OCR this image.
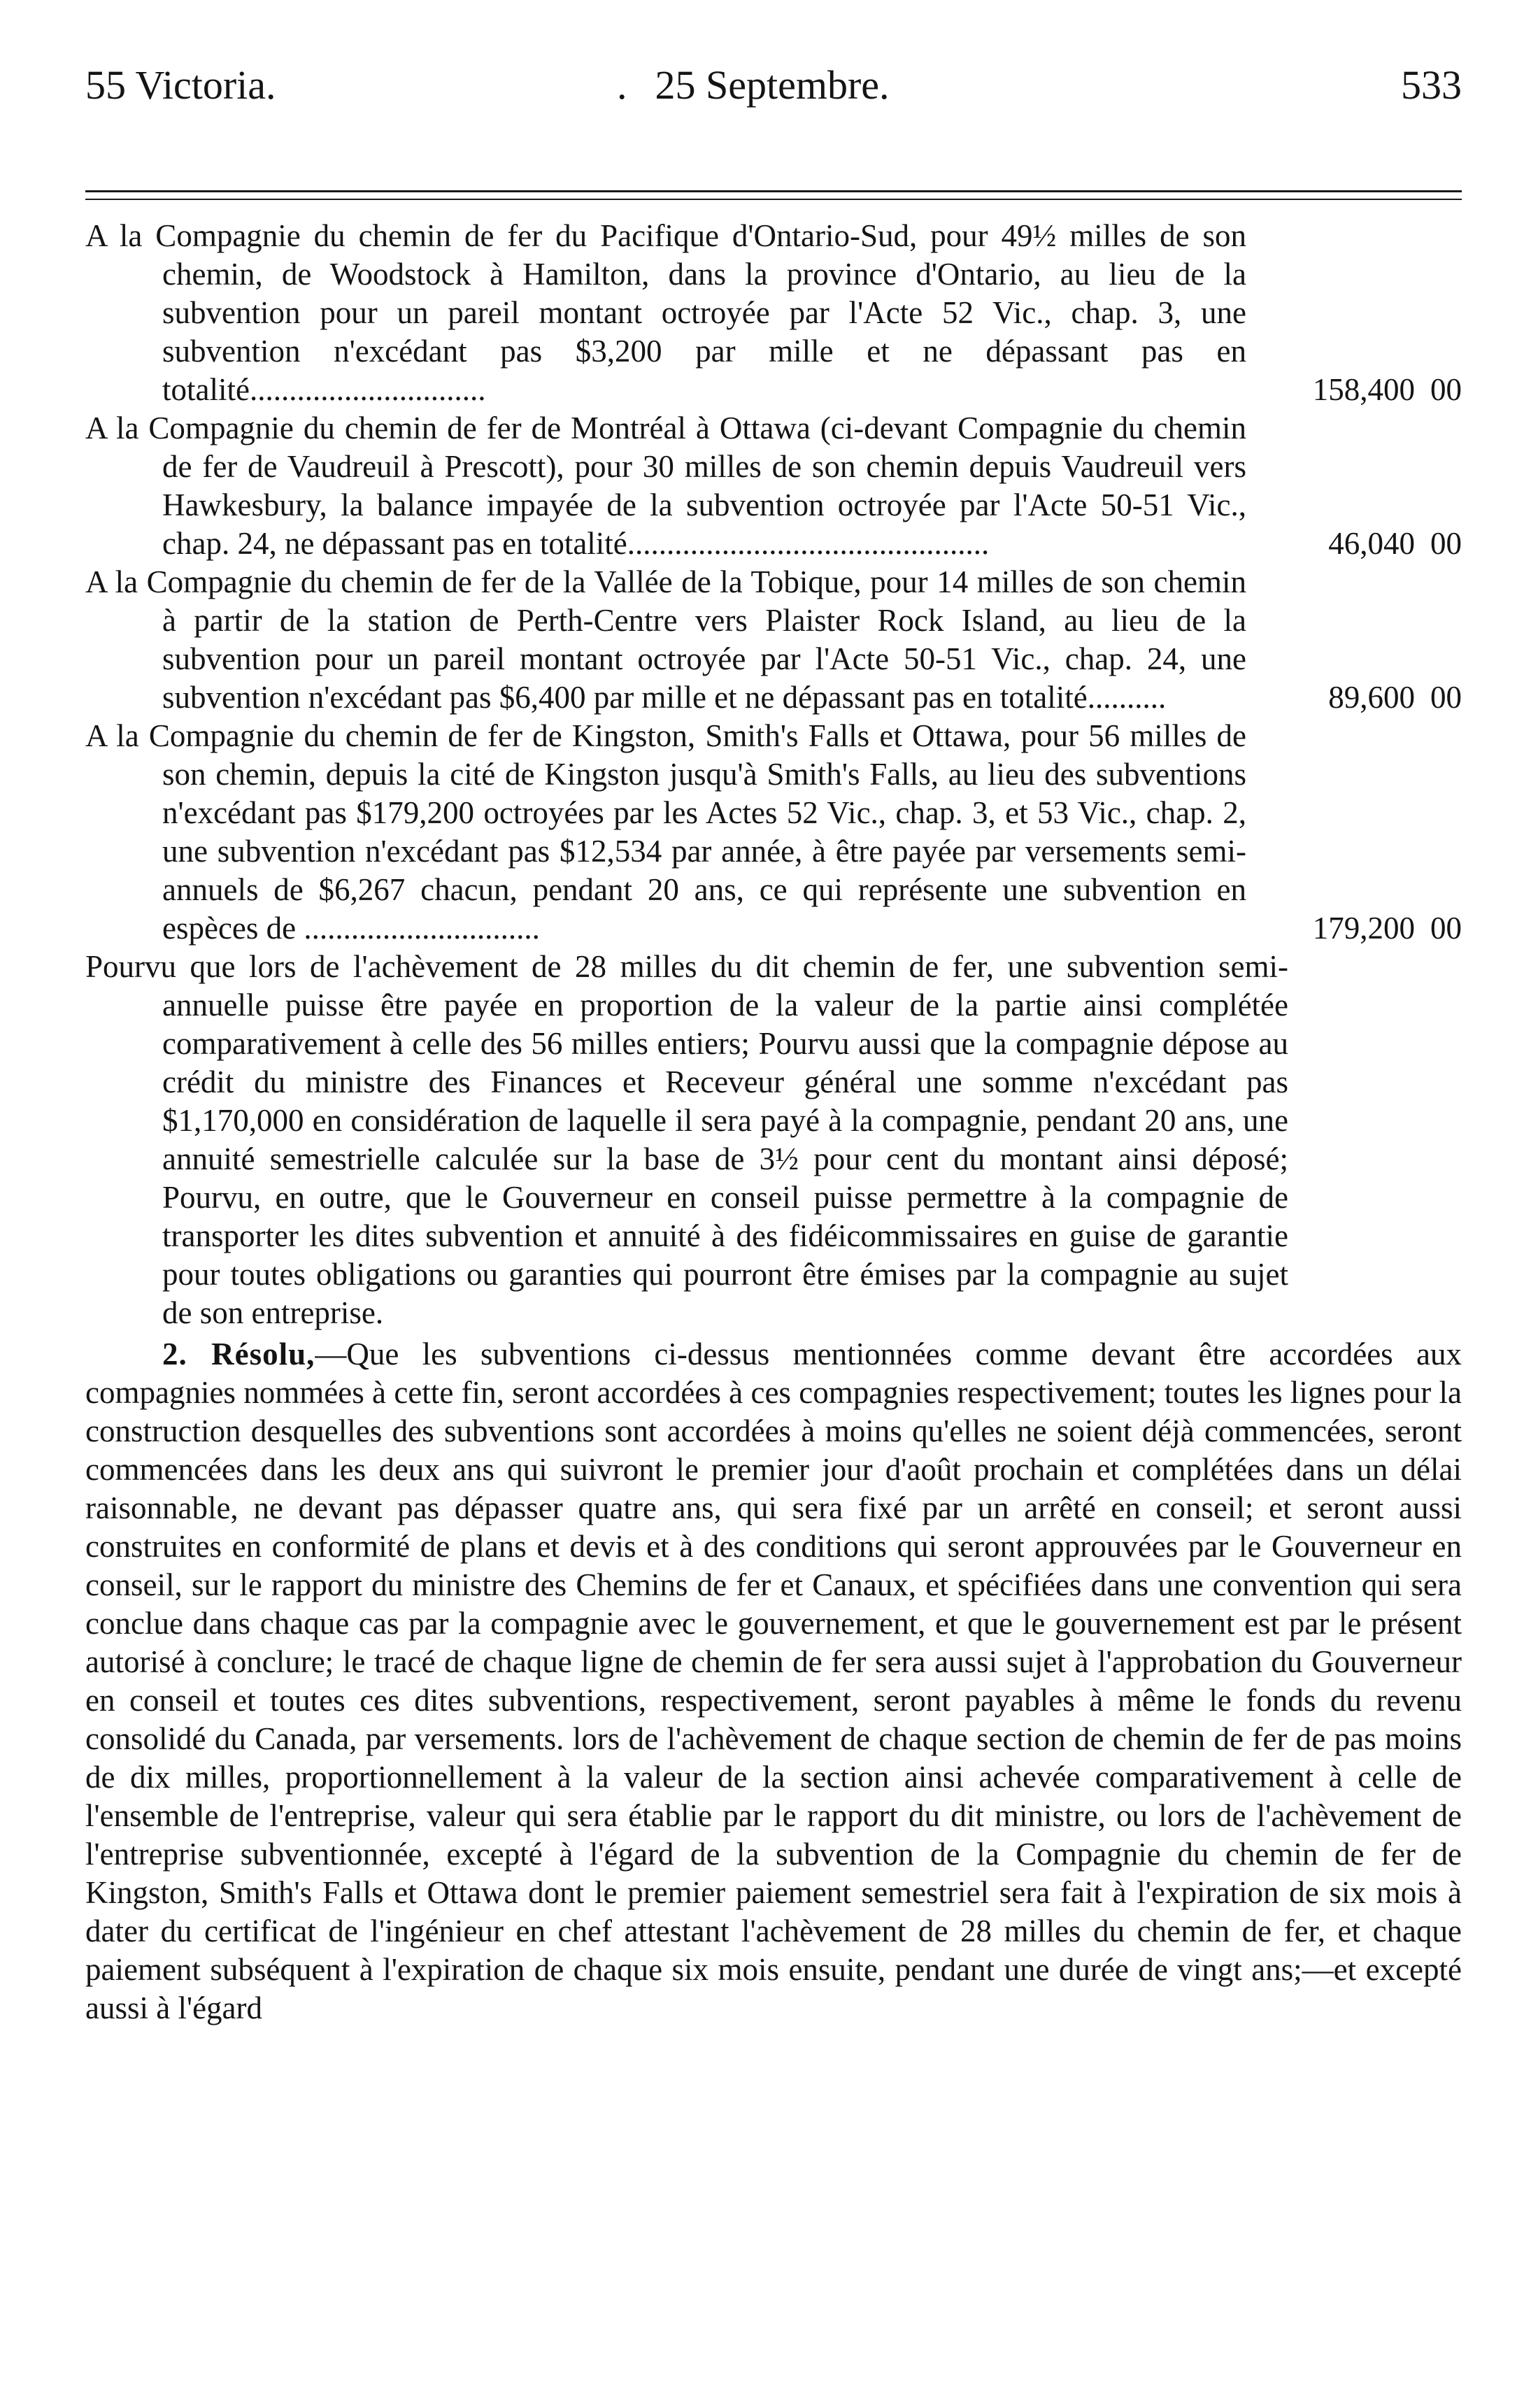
55 Victoria.	. 25 Septembre.	533
A la Compagnie du chemin de fer du Pacifique d'Ontario-Sud, pour 49½ milles de son chemin, de Woodstock à Hamilton, dans la province d'Ontario, au lieu de la subvention pour un pareil montant octroyée par l'Acte 52 Vic., chap. 3, une subvention n'excédant pas $3,200 par mille et ne dépassant pas en totalité..............................	158,400 00
A la Compagnie du chemin de fer de Montréal à Ottawa (ci-devant Compagnie du chemin de fer de Vaudreuil à Prescott), pour 30 milles de son chemin depuis Vaudreuil vers Hawkesbury, la balance impayée de la subvention octroyée par l'Acte 50-51 Vic., chap. 24, ne dépassant pas en totalité..............................................	46,040 00
A la Compagnie du chemin de fer de la Vallée de la Tobique, pour 14 milles de son chemin à partir de la station de Perth-Centre vers Plaister Rock Island, au lieu de la subvention pour un pareil montant octroyée par l'Acte 50-51 Vic., chap. 24, une subvention n'excédant pas $6,400 par mille et ne dépassant pas en totalité..........	89,600 00
A la Compagnie du chemin de fer de Kingston, Smith's Falls et Ottawa, pour 56 milles de son chemin, depuis la cité de Kingston jusqu'à Smith's Falls, au lieu des subventions n'excédant pas $179,200 octroyées par les Actes 52 Vic., chap. 3, et 53 Vic., chap. 2, une subvention n'excédant pas $12,534 par année, à être payée par versements semi-annuels de $6,267 chacun, pendant 20 ans, ce qui représente une subvention en espèces de ..............................	179,200 00
Pourvu que lors de l'achèvement de 28 milles du dit chemin de fer, une subvention semi-annuelle puisse être payée en proportion de la valeur de la partie ainsi complétée comparativement à celle des 56 milles entiers; Pourvu aussi que la compagnie dépose au crédit du ministre des Finances et Receveur général une somme n'excédant pas $1,170,000 en considération de laquelle il sera payé à la compagnie, pendant 20 ans, une annuité semestrielle calculée sur la base de 3½ pour cent du montant ainsi déposé; Pourvu, en outre, que le Gouverneur en conseil puisse permettre à la compagnie de transporter les dites subvention et annuité à des fidéicommissaires en guise de garantie pour toutes obligations ou garanties qui pourront être émises par la compagnie au sujet de son entreprise.
2. Résolu,—Que les subventions ci-dessus mentionnées comme devant être accordées aux compagnies nommées à cette fin, seront accordées à ces compagnies respectivement; toutes les lignes pour la construction desquelles des subventions sont accordées à moins qu'elles ne soient déjà commencées, seront commencées dans les deux ans qui suivront le premier jour d'août prochain et complétées dans un délai raisonnable, ne devant pas dépasser quatre ans, qui sera fixé par un arrêté en conseil; et seront aussi construites en conformité de plans et devis et à des conditions qui seront approuvées par le Gouverneur en conseil, sur le rapport du ministre des Chemins de fer et Canaux, et spécifiées dans une convention qui sera conclue dans chaque cas par la compagnie avec le gouvernement, et que le gouvernement est par le présent autorisé à conclure; le tracé de chaque ligne de chemin de fer sera aussi sujet à l'approbation du Gouverneur en conseil et toutes ces dites subventions, respectivement, seront payables à même le fonds du revenu consolidé du Canada, par versements. lors de l'achèvement de chaque section de chemin de fer de pas moins de dix milles, proportionnellement à la valeur de la section ainsi achevée comparativement à celle de l'ensemble de l'entreprise, valeur qui sera établie par le rapport du dit ministre, ou lors de l'achèvement de l'entreprise subventionnée, excepté à l'égard de la subvention de la Compagnie du chemin de fer de Kingston, Smith's Falls et Ottawa dont le premier paiement semestriel sera fait à l'expiration de six mois à dater du certificat de l'ingénieur en chef attestant l'achèvement de 28 milles du chemin de fer, et chaque paiement subséquent à l'expiration de chaque six mois ensuite, pendant une durée de vingt ans;—et excepté aussi à l'égard
